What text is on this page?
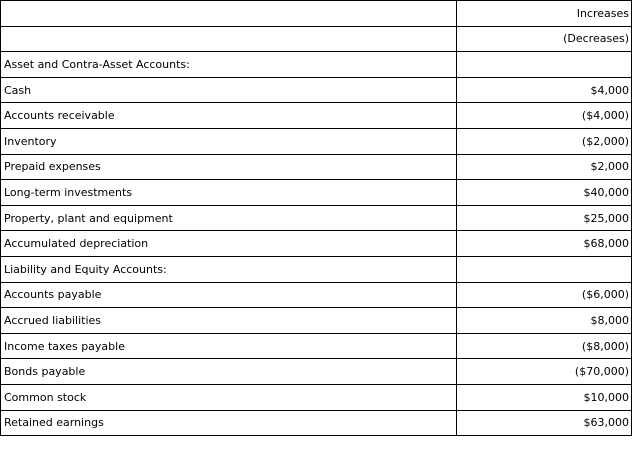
	Increases
	(Decreases)
Asset and Contra-Asset Accounts:	
Cash	$4,000
Accounts receivable	($4,000)
Inventory	($2,000)
Prepaid expenses	$2,000
Long-term investments	$40,000
Property, plant and equipment	$25,000
Accumulated depreciation	$68,000
Liability and Equity Accounts:	
Accounts payable	($6,000)
Accrued liabilities	$8,000
Income taxes payable	($8,000)
Bonds payable	($70,000)
Common stock	$10,000
Retained earnings	$63,000
